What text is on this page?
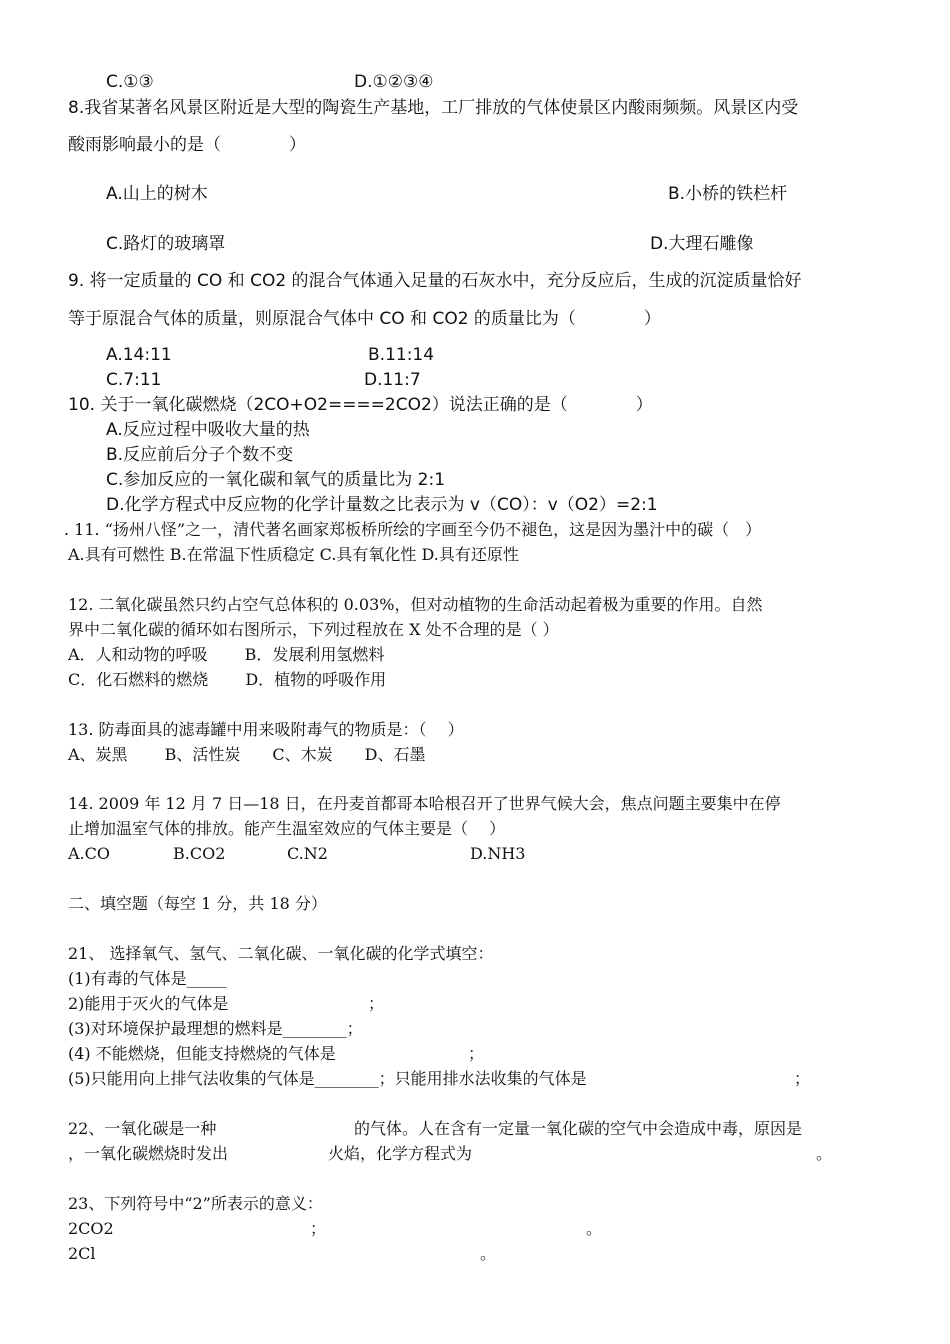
C.①③	D.①②③④
8.我省某著名风景区附近是大型的陶瓷生产基地，工厂排放的气体使景区内酸雨频频。风景区内受
酸雨影响最小的是（　　　　）
A.山上的树木	B.小桥的铁栏杆
C.路灯的玻璃罩	D.大理石雕像
9. 将一定质量的 CO 和 CO2 的混合气体通入足量的石灰水中，充分反应后，生成的沉淀质量恰好
等于原混合气体的质量，则原混合气体中 CO 和 CO2 的质量比为（　　　　）
A.14:11	B.11:14
C.7:11	D.11:7
10. 关于一氧化碳燃烧（2CO+O2====2CO2）说法正确的是（　　　　）
A.反应过程中吸收大量的热
B.反应前后分子个数不变
C.参加反应的一氧化碳和氧气的质量比为 2:1
D.化学方程式中反应物的化学计量数之比表示为 v（CO）：v（O2）=2:1
. 11. “扬州八怪”之一，清代著名画家郑板桥所绘的字画至今仍不褪色，这是因为墨汁中的碳（　）
A.具有可燃性 B.在常温下性质稳定 C.具有氧化性 D.具有还原性
12. 二氧化碳虽然只约占空气总体积的 0.03%，但对动植物的生命活动起着极为重要的作用。自然
界中二氧化碳的循环如右图所示，下列过程放在 X 处不合理的是（ ）
A．人和动物的呼吸　　 B．发展利用氢燃料
C．化石燃料的燃烧　　 D．植物的呼吸作用
13. 防毒面具的滤毒罐中用来吸附毒气的物质是：（　 ）
A、炭黑　　 B、活性炭　　C、木炭　　D、石墨
14. 2009 年 12 月 7 日—18 日，在丹麦首都哥本哈根召开了世界气候大会，焦点问题主要集中在停
止增加温室气体的排放。能产生温室效应的气体主要是（　 ）
A.CO	B.CO2	C.N2	D.NH3
二、填空题（每空 1 分，共 18 分）
21、 选择氧气、氢气、二氧化碳、一氧化碳的化学式填空：
(1)有毒的气体是_____
2)能用于灭火的气体是	；
(3)对环境保护最理想的燃料是________；
(4) 不能燃烧，但能支持燃烧的气体是	；
(5)只能用向上排气法收集的气体是________；只能用排水法收集的气体是	；
22、一氧化碳是一种	的气体。人在含有一定量一氧化碳的空气中会造成中毒，原因是
，一氧化碳燃烧时发出	火焰，化学方程式为	。
23、下列符号中“2”所表示的意义：
2CO2	；	。
2Cl	。
